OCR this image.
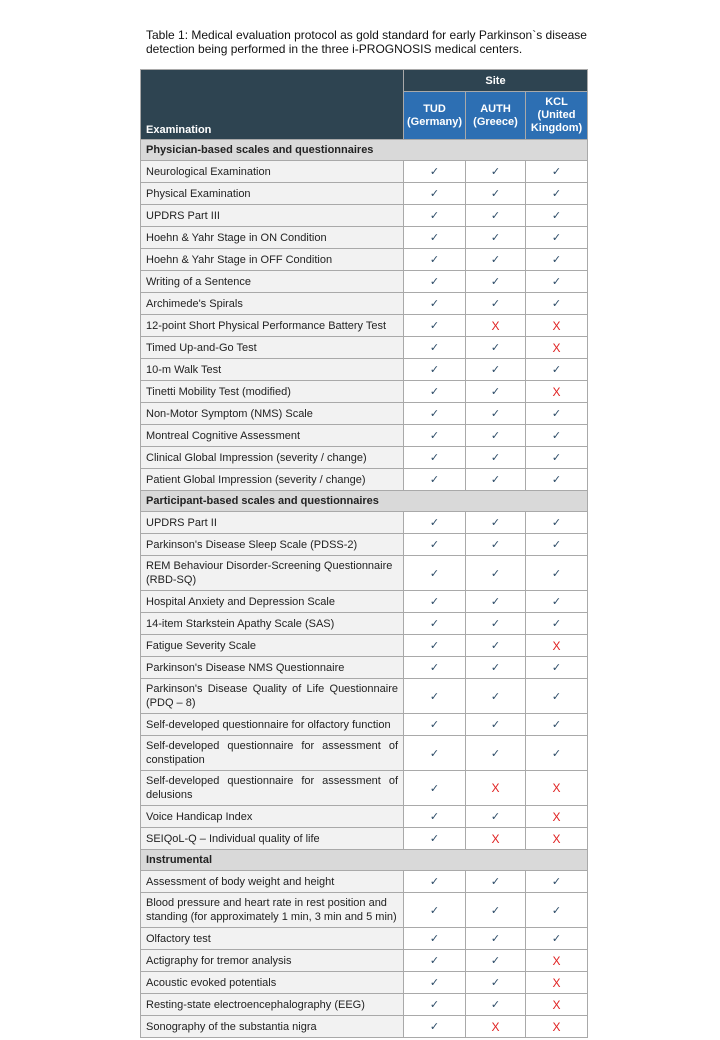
Table 1: Medical evaluation protocol as gold standard for early Parkinson`s disease detection being performed in the three i-PROGNOSIS medical centers.
Examination	Site		
	TUD (Germany)	AUTH (Greece)	KCL (United Kingdom)
Physician-based scales and questionnaires			
Neurological Examination	✓	✓	✓
Physical Examination	✓	✓	✓
UPDRS Part III	✓	✓	✓
Hoehn & Yahr Stage in ON Condition	✓	✓	✓
Hoehn & Yahr Stage in OFF Condition	✓	✓	✓
Writing of a Sentence	✓	✓	✓
Archimede's Spirals	✓	✓	✓
12-point Short Physical Performance Battery Test	✓	X	X
Timed Up-and-Go Test	✓	✓	X
10-m Walk Test	✓	✓	✓
Tinetti Mobility Test (modified)	✓	✓	X
Non-Motor Symptom (NMS) Scale	✓	✓	✓
Montreal Cognitive Assessment	✓	✓	✓
Clinical Global Impression (severity / change)	✓	✓	✓
Patient Global Impression (severity / change)	✓	✓	✓
Participant-based scales and questionnaires			
UPDRS Part II	✓	✓	✓
Parkinson's Disease Sleep Scale (PDSS-2)	✓	✓	✓
REM Behaviour Disorder-Screening Questionnaire (RBD-SQ)	✓	✓	✓
Hospital Anxiety and Depression Scale	✓	✓	✓
14-item Starkstein Apathy Scale (SAS)	✓	✓	✓
Fatigue Severity Scale	✓	✓	X
Parkinson's Disease NMS Questionnaire	✓	✓	✓
Parkinson's Disease Quality of Life Questionnaire (PDQ – 8)	✓	✓	✓
Self-developed questionnaire for olfactory function	✓	✓	✓
Self-developed questionnaire for assessment of constipation	✓	✓	✓
Self-developed questionnaire for assessment of delusions	✓	X	X
Voice Handicap Index	✓	✓	X
SEIQoL-Q – Individual quality of life	✓	X	X
Instrumental			
Assessment of body weight and height	✓	✓	✓
Blood pressure and heart rate in rest position and standing (for approximately 1 min, 3 min and 5 min)	✓	✓	✓
Olfactory test	✓	✓	✓
Actigraphy for tremor analysis	✓	✓	X
Acoustic evoked potentials	✓	✓	X
Resting-state electroencephalography (EEG)	✓	✓	X
Sonography of the substantia nigra	✓	X	X
